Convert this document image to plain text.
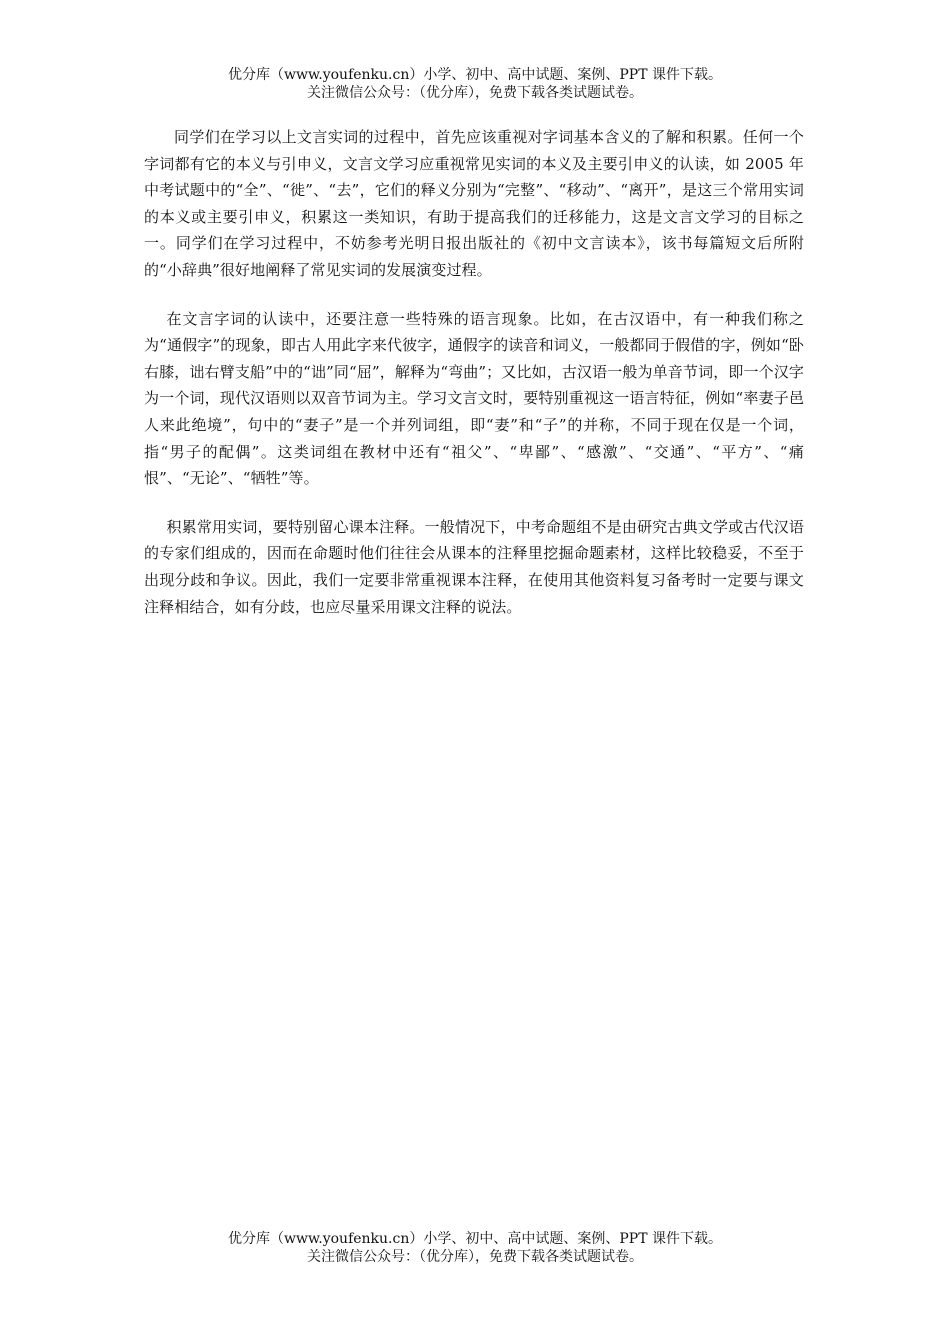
优分库（www.youfenku.cn）小学、初中、高中试题、案例、PPT 课件下载。
关注微信公众号：（优分库），免费下载各类试题试卷。

同学们在学习以上文言实词的过程中，首先应该重视对字词基本含义的了解和积累。任何一个字词都有它的本义与引申义，文言文学习应重视常见实词的本义及主要引申义的认读，如 2005 年中考试题中的“全”、“徙”、“去”，它们的释义分别为“完整”、“移动”、“离开”，是这三个常用实词的本义或主要引申义，积累这一类知识，有助于提高我们的迁移能力，这是文言文学习的目标之一。同学们在学习过程中，不妨参考光明日报出版社的《初中文言读本》，该书每篇短文后所附的“小辞典”很好地阐释了常见实词的发展演变过程。

在文言字词的认读中，还要注意一些特殊的语言现象。比如，在古汉语中，有一种我们称之为“通假字”的现象，即古人用此字来代彼字，通假字的读音和词义，一般都同于假借的字，例如“卧右膝，诎右臂支船”中的“诎”同“屈”，解释为“弯曲”；又比如，古汉语一般为单音节词，即一个汉字为一个词，现代汉语则以双音节词为主。学习文言文时，要特别重视这一语言特征，例如“率妻子邑人来此绝境”，句中的“妻子”是一个并列词组，即“妻”和“子”的并称，不同于现在仅是一个词，指“男子的配偶”。这类词组在教材中还有“祖父”、“卑鄙”、“感激”、“交通”、“平方”、“痛恨”、“无论”、“牺牲”等。

积累常用实词，要特别留心课本注释。一般情况下，中考命题组不是由研究古典文学或古代汉语的专家们组成的，因而在命题时他们往往会从课本的注释里挖掘命题素材，这样比较稳妥，不至于出现分歧和争议。因此，我们一定要非常重视课本注释，在使用其他资料复习备考时一定要与课文注释相结合，如有分歧，也应尽量采用课文注释的说法。

优分库（www.youfenku.cn）小学、初中、高中试题、案例、PPT 课件下载。
关注微信公众号：（优分库），免费下载各类试题试卷。
